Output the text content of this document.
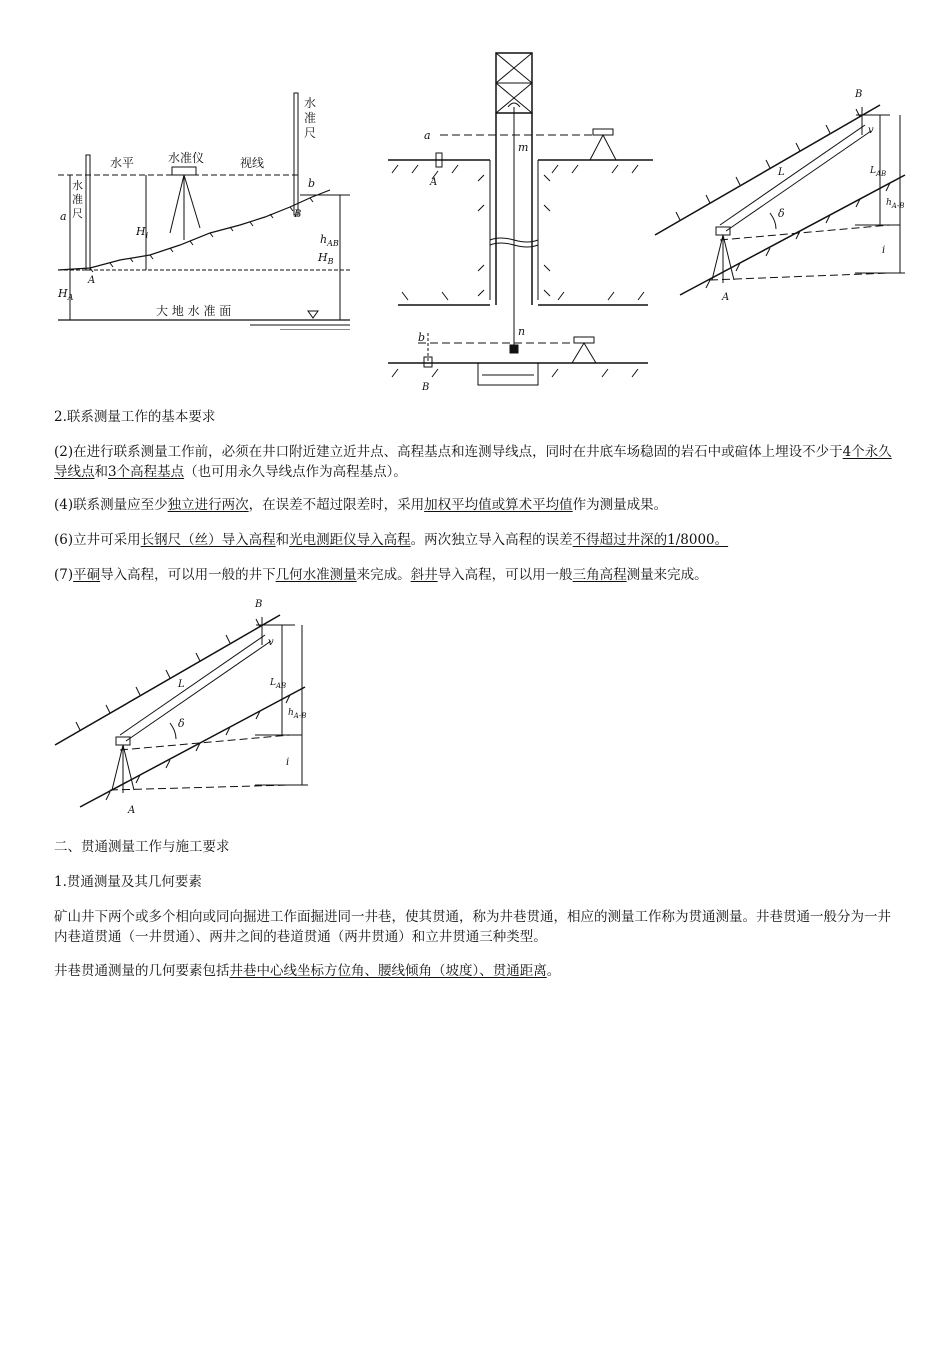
水平	水准仪	视线
水
准
尺
水
准
尺
大 地 水 准 面
A
B
a
b
$H_i$	$h_{AB}$
$H_B$
$H_A$
a
m
A
b	n
B
B
A
L
δ
v
i
$L_{AB}$
$h_{A-B}$
2.联系测量工作的基本要求
(2)在进行联系测量工作前，必须在井口附近建立近井点、高程基点和连测导线点，同时在井底车场稳固的岩石中或碹体上埋设不少于4个永久导线点和3个高程基点（也可用永久导线点作为高程基点）。
(4)联系测量应至少独立进行两次，在误差不超过限差时，采用加权平均值或算术平均值作为测量成果。
(6)立井可采用长钢尺（丝）导入高程和光电测距仪导入高程。两次独立导入高程的误差不得超过井深的1/8000。
(7)平硐导入高程，可以用一般的井下几何水准测量来完成。斜井导入高程，可以用一般三角高程测量来完成。
B
A
L
δ
v
i
$L_{AB}$
$h_{A-B}$
二、贯通测量工作与施工要求
1.贯通测量及其几何要素
矿山井下两个或多个相向或同向掘进工作面掘进同一井巷，使其贯通，称为井巷贯通，相应的测量工作称为贯通测量。井巷贯通一般分为一井内巷道贯通（一井贯通）、两井之间的巷道贯通（两井贯通）和立井贯通三种类型。
井巷贯通测量的几何要素包括井巷中心线坐标方位角、腰线倾角（坡度）、贯通距离。
